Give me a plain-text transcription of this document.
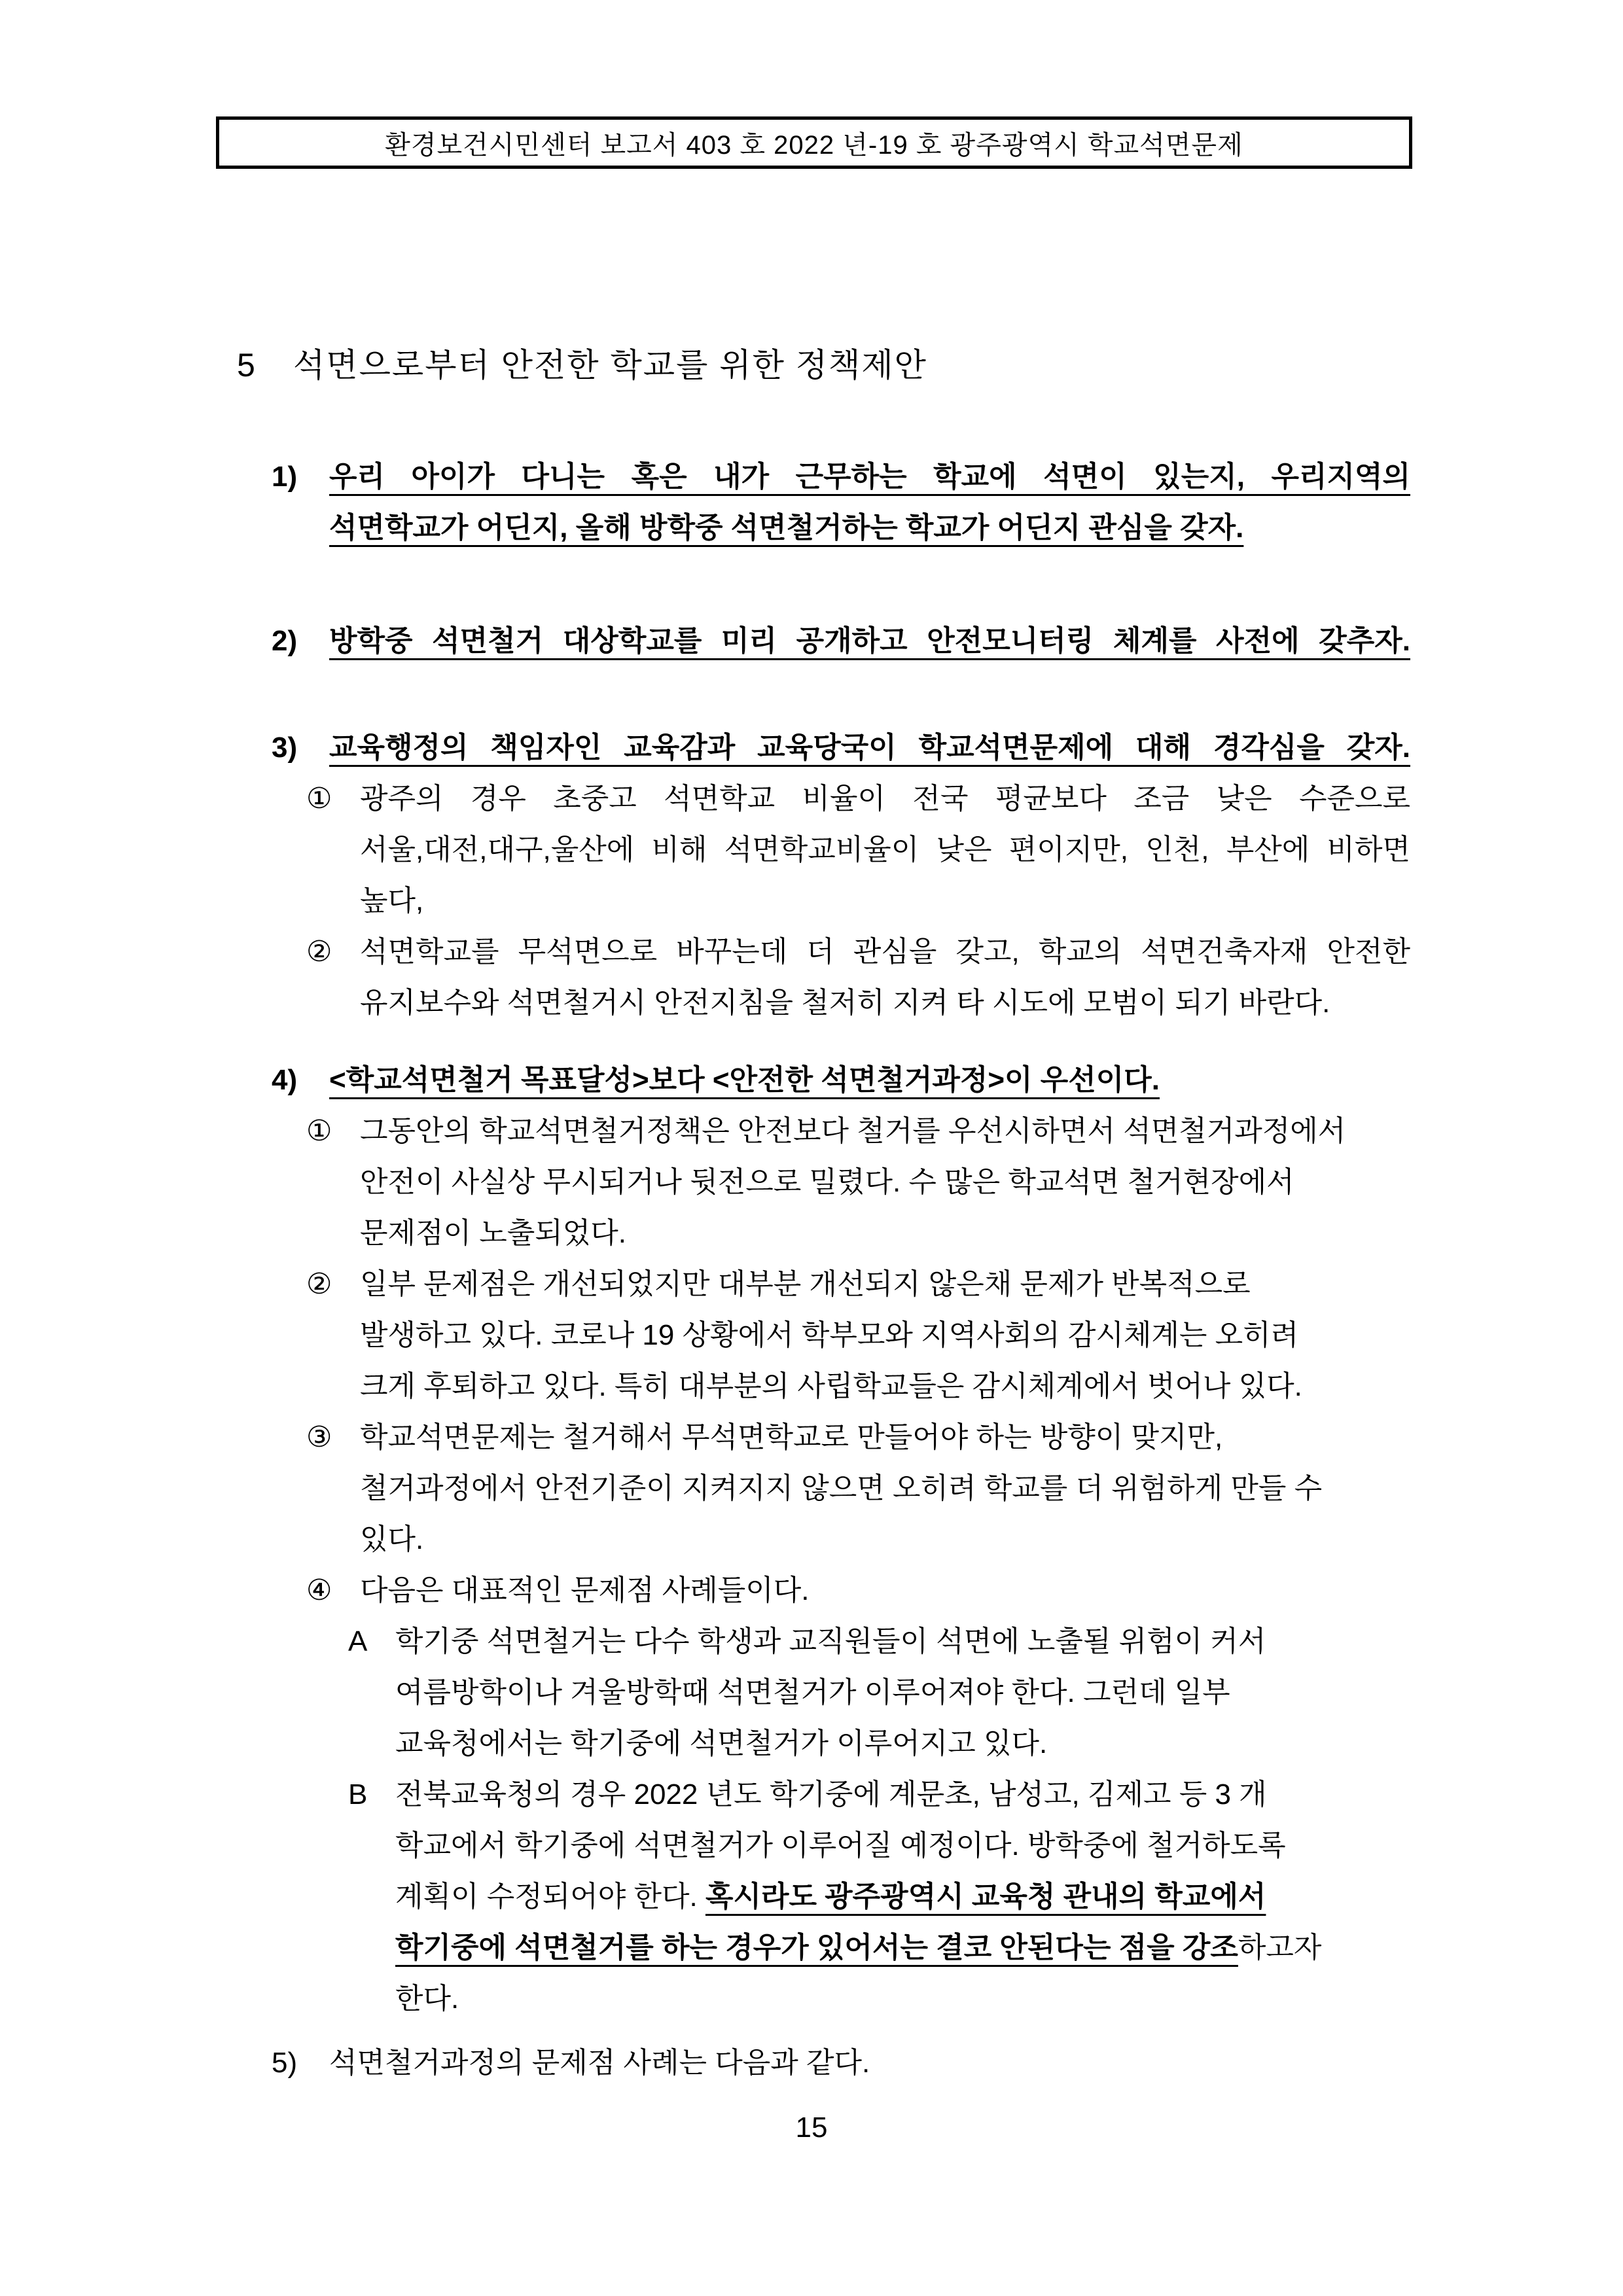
환경보건시민센터 보고서 403 호 2022 년-19 호 광주광역시 학교석면문제
5 석면으로부터 안전한 학교를 위한 정책제안
1)	우리 아이가 다니는 혹은 내가 근무하는 학교에 석면이 있는지, 우리지역의
석면학교가 어딘지, 올해 방학중 석면철거하는 학교가 어딘지 관심을 갖자.
2)	방학중 석면철거 대상학교를 미리 공개하고 안전모니터링 체계를 사전에 갖추자.
3)	교육행정의 책임자인 교육감과 교육당국이 학교석면문제에 대해 경각심을 갖자.
① 광주의 경우 초중고 석면학교 비율이 전국 평균보다 조금 낮은 수준으로
서울,대전,대구,울산에 비해 석면학교비율이 낮은 편이지만, 인천, 부산에 비하면
높다,
② 석면학교를 무석면으로 바꾸는데 더 관심을 갖고, 학교의 석면건축자재 안전한
유지보수와 석면철거시 안전지침을 철저히 지켜 타 시도에 모범이 되기 바란다.
4)	<학교석면철거 목표달성>보다 <안전한 석면철거과정>이 우선이다.
① 그동안의 학교석면철거정책은 안전보다 철거를 우선시하면서 석면철거과정에서
안전이 사실상 무시되거나 뒷전으로 밀렸다. 수 많은 학교석면 철거현장에서
문제점이 노출되었다.
② 일부 문제점은 개선되었지만 대부분 개선되지 않은채 문제가 반복적으로
발생하고 있다. 코로나 19 상황에서 학부모와 지역사회의 감시체계는 오히려
크게 후퇴하고 있다. 특히 대부분의 사립학교들은 감시체계에서 벗어나 있다.
③ 학교석면문제는 철거해서 무석면학교로 만들어야 하는 방향이 맞지만,
철거과정에서 안전기준이 지켜지지 않으면 오히려 학교를 더 위험하게 만들 수
있다.
④ 다음은 대표적인 문제점 사례들이다.
A 학기중 석면철거는 다수 학생과 교직원들이 석면에 노출될 위험이 커서
여름방학이나 겨울방학때 석면철거가 이루어져야 한다. 그런데 일부
교육청에서는 학기중에 석면철거가 이루어지고 있다.
B 전북교육청의 경우 2022 년도 학기중에 계문초, 남성고, 김제고 등 3 개
학교에서 학기중에 석면철거가 이루어질 예정이다. 방학중에 철거하도록
계획이 수정되어야 한다. 혹시라도 광주광역시 교육청 관내의 학교에서
학기중에 석면철거를 하는 경우가 있어서는 결코 안된다는 점을 강조하고자
한다.
5)	석면철거과정의 문제점 사례는 다음과 같다.
15
